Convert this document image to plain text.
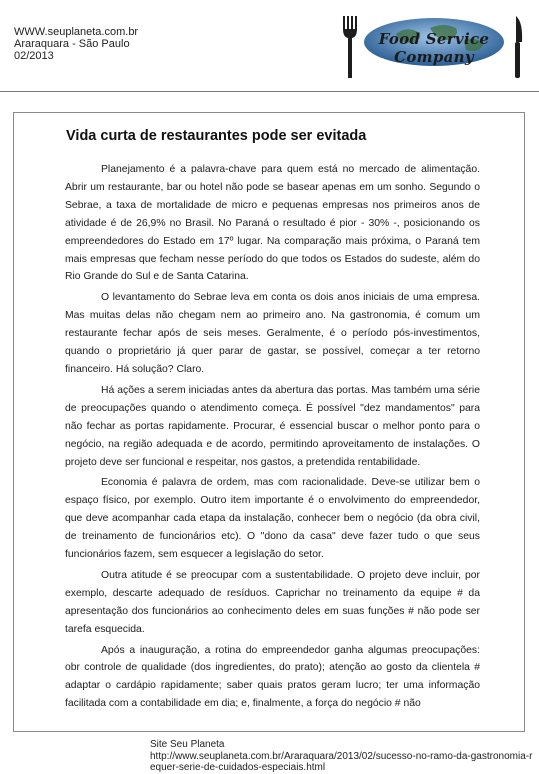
WWW.seuplaneta.com.br
Araraquara - São Paulo
02/2013
Food Service Company
Vida curta de restaurantes pode ser evitada

Planejamento é a palavra-chave para quem está no mercado de alimentação. Abrir um restaurante, bar ou hotel não pode se basear apenas em um sonho. Segundo o Sebrae, a taxa de mortalidade de micro e pequenas empresas nos primeiros anos de atividade é de 26,9% no Brasil. No Paraná o resultado é pior - 30% -, posicionando os empreendedores do Estado em 17º lugar. Na comparação mais próxima, o Paraná tem mais empresas que fecham nesse período do que todos os Estados do sudeste, além do Rio Grande do Sul e de Santa Catarina.

O levantamento do Sebrae leva em conta os dois anos iniciais de uma empresa. Mas muitas delas não chegam nem ao primeiro ano. Na gastronomia, é comum um restaurante fechar após de seis meses. Geralmente, é o período pós-investimentos, quando o proprietário já quer parar de gastar, se possível, começar a ter retorno financeiro. Há solução? Claro.

Há ações a serem iniciadas antes da abertura das portas. Mas também uma série de preocupações quando o atendimento começa. É possível "dez mandamentos" para não fechar as portas rapidamente. Procurar, é essencial buscar o melhor ponto para o negócio, na região adequada e de acordo, permitindo aproveitamento de instalações. O projeto deve ser funcional e respeitar, nos gastos, a pretendida rentabilidade.

Economia é palavra de ordem, mas com racionalidade. Deve-se utilizar bem o espaço físico, por exemplo. Outro item importante é o envolvimento do empreendedor, que deve acompanhar cada etapa da instalação, conhecer bem o negócio (da obra civil, de treinamento de funcionários etc). O "dono da casa" deve fazer tudo o que seus funcionários fazem, sem esquecer a legislação do setor.

Outra atitude é se preocupar com a sustentabilidade. O projeto deve incluir, por exemplo, descarte adequado de resíduos. Caprichar no treinamento da equipe # da apresentação dos funcionários ao conhecimento deles em suas funções # não pode ser tarefa esquecida.

Após a inauguração, a rotina do empreendedor ganha algumas preocupações: obr controle de qualidade (dos ingredientes, do prato); atenção ao gosto da clientela # adaptar o cardápio rapidamente; saber quais pratos geram lucro; ter uma informação facilitada com a contabilidade em dia; e, finalmente, a força do negócio # não

Site Seu Planeta
http://www.seuplaneta.com.br/Araraquara/2013/02/sucesso-no-ramo-da-gastronomia-requer-serie-de-cuidados-especiais.html
